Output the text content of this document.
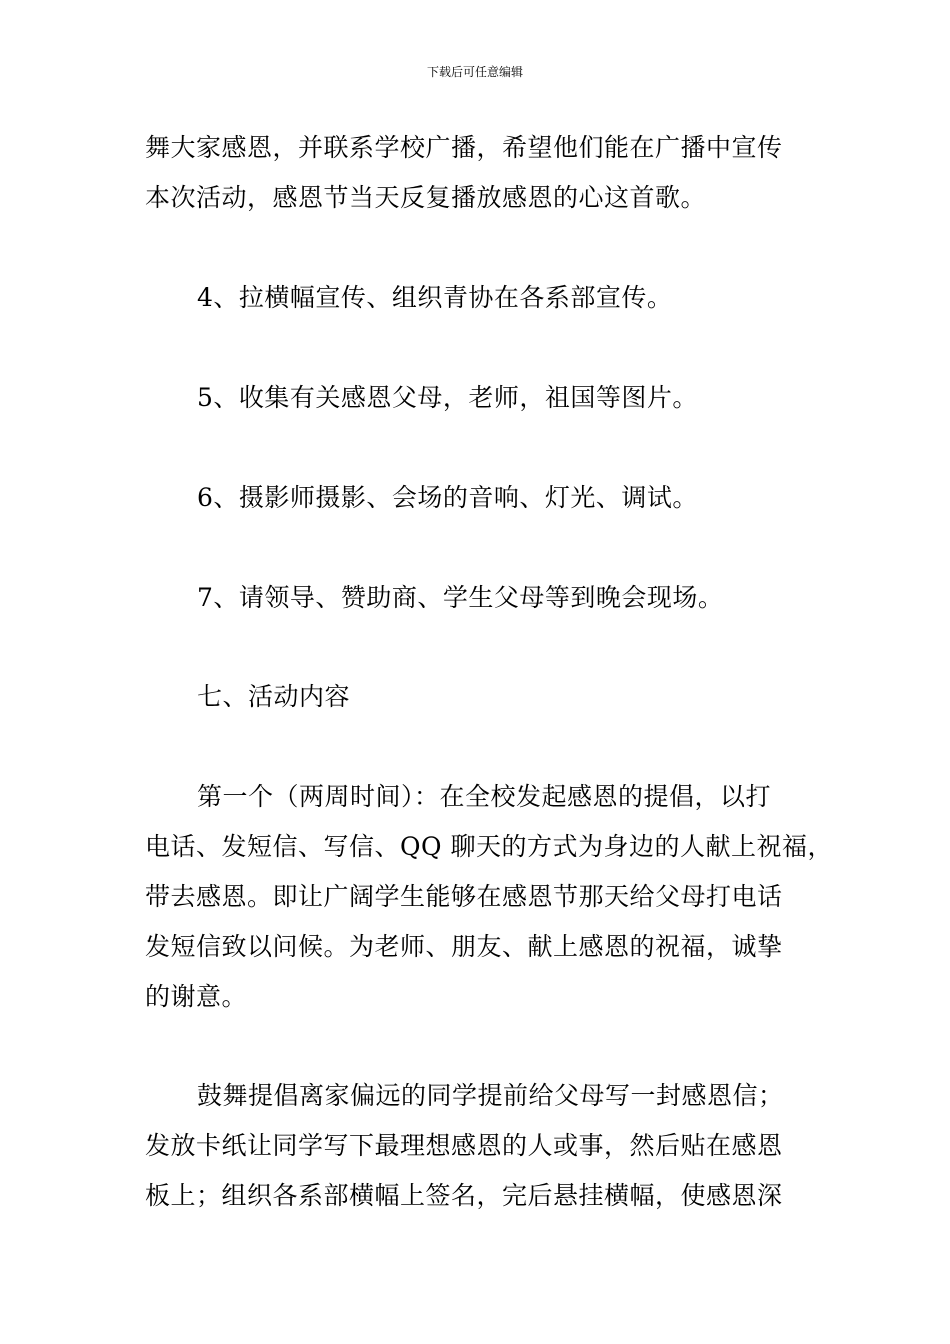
下载后可任意编辑
舞大家感恩，并联系学校广播，希望他们能在广播中宣传
本次活动，感恩节当天反复播放感恩的心这首歌。
4、拉横幅宣传、组织青协在各系部宣传。
5、收集有关感恩父母，老师，祖国等图片。
6、摄影师摄影、会场的音响、灯光、调试。
7、请领导、赞助商、学生父母等到晚会现场。
七、活动内容
第一个（两周时间）：在全校发起感恩的提倡，以打
电话、发短信、写信、QQ 聊天的方式为身边的人献上祝福，
带去感恩。即让广阔学生能够在感恩节那天给父母打电话
发短信致以问候。为老师、朋友、献上感恩的祝福，诚挚
的谢意。
鼓舞提倡离家偏远的同学提前给父母写一封感恩信；
发放卡纸让同学写下最理想感恩的人或事，然后贴在感恩
板上；组织各系部横幅上签名，完后悬挂横幅，使感恩深
